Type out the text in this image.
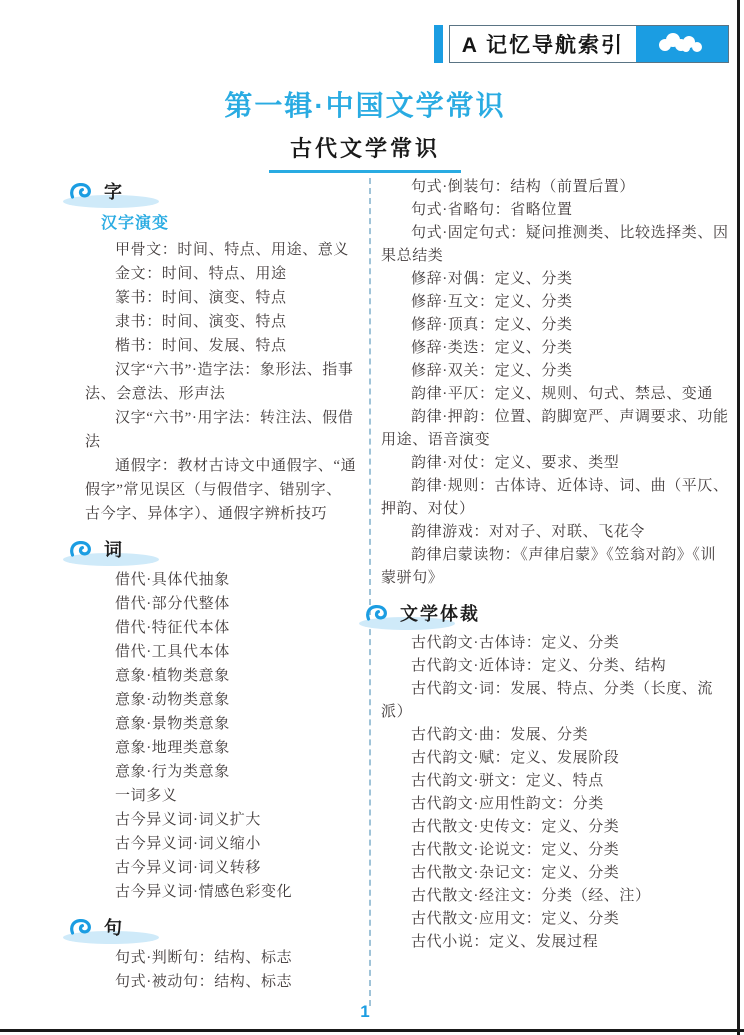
A 记忆导航索引
第一辑·中国文学常识
古代文学常识
字
汉字演变

甲骨文：时间、特点、用途、意义

金文：时间、特点、用途

篆书：时间、演变、特点

隶书：时间、演变、特点

楷书：时间、发展、特点

汉字“六书”·造字法：象形法、指事法、会意法、形声法

汉字“六书”·用字法：转注法、假借法

通假字：教材古诗文中通假字、“通假字”常见误区（与假借字、错别字、古今字、异体字）、通假字辨析技巧

词

借代·具体代抽象

借代·部分代整体

借代·特征代本体

借代·工具代本体

意象·植物类意象

意象·动物类意象

意象·景物类意象

意象·地理类意象

意象·行为类意象

一词多义

古今异义词·词义扩大

古今异义词·词义缩小

古今异义词·词义转移

古今异义词·情感色彩变化

句

句式·判断句：结构、标志

句式·被动句：结构、标志

句式·倒装句：结构（前置后置）

句式·省略句：省略位置

句式·固定句式：疑问推测类、比较选择类、因果总结类

修辞·对偶：定义、分类

修辞·互文：定义、分类

修辞·顶真：定义、分类

修辞·类迭：定义、分类

修辞·双关：定义、分类

韵律·平仄：定义、规则、句式、禁忌、变通

韵律·押韵：位置、韵脚宽严、声调要求、功能用途、语音演变

韵律·对仗：定义、要求、类型

韵律·规则：古体诗、近体诗、词、曲（平仄、押韵、对仗）

韵律游戏：对对子、对联、飞花令

韵律启蒙读物：《声律启蒙》《笠翁对韵》《训蒙骈句》

文学体裁

古代韵文·古体诗：定义、分类

古代韵文·近体诗：定义、分类、结构

古代韵文·词：发展、特点、分类（长度、流派）

古代韵文·曲：发展、分类

古代韵文·赋：定义、发展阶段

古代韵文·骈文：定义、特点

古代韵文·应用性韵文：分类

古代散文·史传文：定义、分类

古代散文·论说文：定义、分类

古代散文·杂记文：定义、分类

古代散文·经注文：分类（经、注）

古代散文·应用文：定义、分类

古代小说：定义、发展过程

1
